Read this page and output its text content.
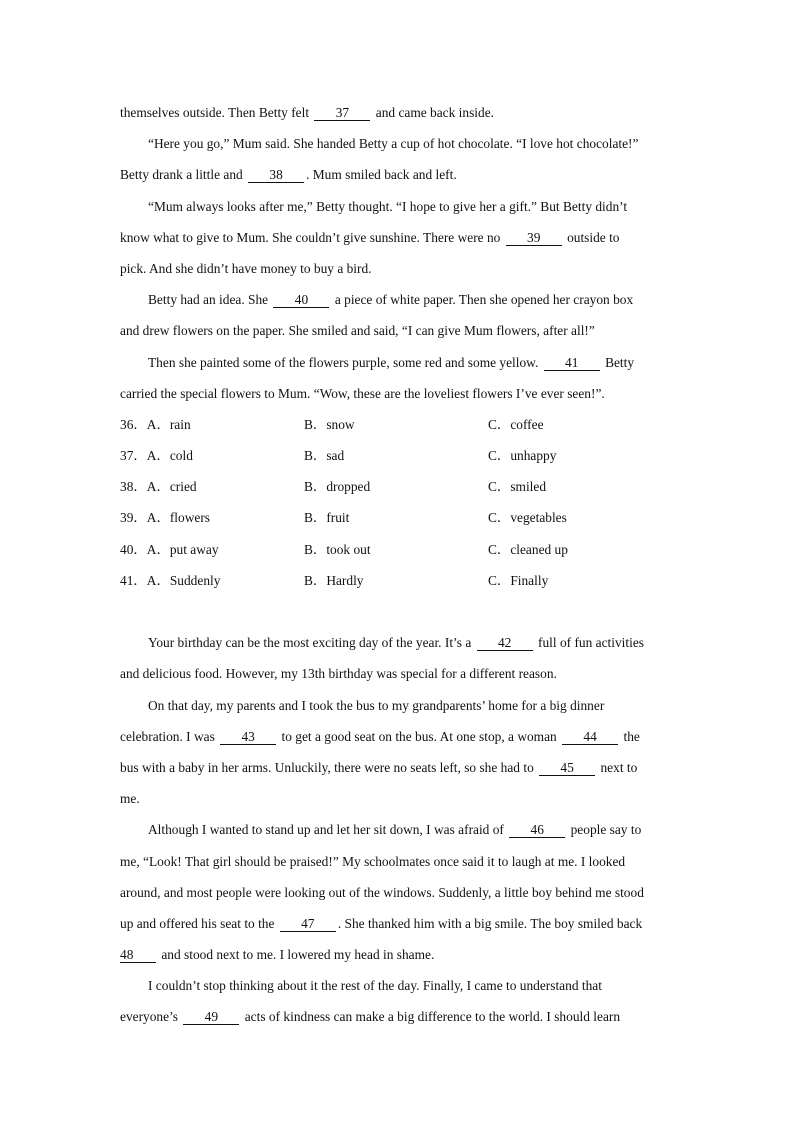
themselves outside. Then Betty felt 37 and came back inside.
“Here you go,” Mum said. She handed Betty a cup of hot chocolate. “I love hot chocolate!”
Betty drank a little and 38 . Mum smiled back and left.
“Mum always looks after me,” Betty thought. “I hope to give her a gift.” But Betty didn’t
know what to give to Mum. She couldn’t give sunshine. There were no 39 outside to
pick. And she didn’t have money to buy a bird.
Betty had an idea. She 40 a piece of white paper. Then she opened her crayon box
and drew flowers on the paper. She smiled and said, “I can give Mum flowers, after all!”
Then she painted some of the flowers purple, some red and some yellow. 41 Betty
carried the special flowers to Mum. “Wow, these are the loveliest flowers I’ve ever seen!”.
36．A．rain	B．snow	C．coffee
37．A．cold	B．sad	C．unhappy
38．A．cried	B．dropped	C．smiled
39．A．flowers	B．fruit	C．vegetables
40．A．put away	B．took out	C．cleaned up
41．A．Suddenly	B．Hardly	C．Finally
Your birthday can be the most exciting day of the year. It’s a 42 full of fun activities
and delicious food. However, my 13th birthday was special for a different reason.
On that day, my parents and I took the bus to my grandparents’ home for a big dinner
celebration. I was 43 to get a good seat on the bus. At one stop, a woman 44 the
bus with a baby in her arms. Unluckily, there were no seats left, so she had to 45 next to
me.
Although I wanted to stand up and let her sit down, I was afraid of 46 people say to
me, “Look! That girl should be praised!” My schoolmates once said it to laugh at me. I looked
around, and most people were looking out of the windows. Suddenly, a little boy behind me stood
up and offered his seat to the 47 . She thanked him with a big smile. The boy smiled back
48 and stood next to me. I lowered my head in shame.
I couldn’t stop thinking about it the rest of the day. Finally, I came to understand that
everyone’s 49 acts of kindness can make a big difference to the world. I should learn
